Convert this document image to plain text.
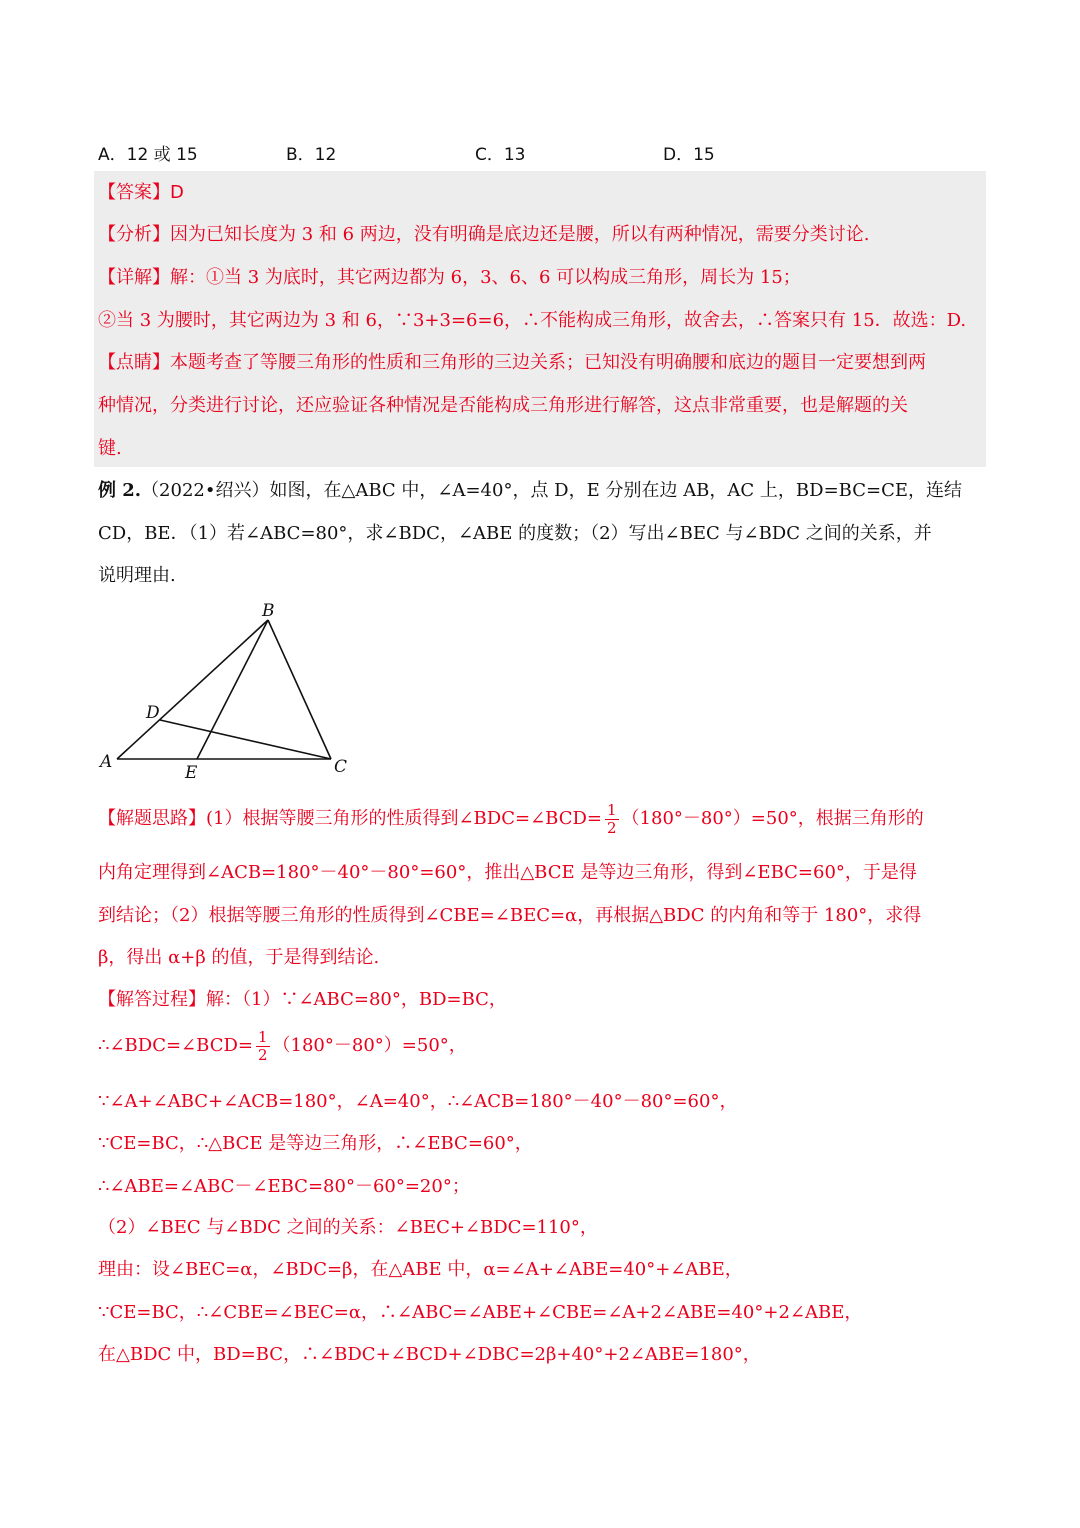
A．12 或 15	B．12	C．13	D．15
【答案】D
【分析】因为已知长度为 3 和 6 两边，没有明确是底边还是腰，所以有两种情况，需要分类讨论.
【详解】解：①当 3 为底时，其它两边都为 6，3、6、6 可以构成三角形，周长为 15；
②当 3 为腰时，其它两边为 3 和 6，∵3+3=6=6，∴不能构成三角形，故舍去，∴答案只有 15．故选：D.
【点睛】本题考查了等腰三角形的性质和三角形的三边关系；已知没有明确腰和底边的题目一定要想到两
种情况，分类进行讨论，还应验证各种情况是否能构成三角形进行解答，这点非常重要，也是解题的关
键.
例 2.（2022•绍兴）如图，在△ABC 中，∠A=40°，点 D，E 分别在边 AB，AC 上，BD=BC=CE，连结
CD，BE．（1）若∠ABC=80°，求∠BDC，∠ABE 的度数；（2）写出∠BEC 与∠BDC 之间的关系，并
说明理由.
A
B
C
D
E
【解题思路】(1）根据等腰三角形的性质得到∠BDC=∠BCD= $\frac{1}{2} (180^\circ-80^\circ)=50^\circ$，根据三角形的
内角定理得到∠ACB=180°－40°－80°=60°，推出△BCE 是等边三角形，得到∠EBC=60°，于是得
到结论；（2）根据等腰三角形的性质得到∠CBE=∠BEC=α，再根据△BDC 的内角和等于 180°，求得
β，得出 α+β 的值，于是得到结论.
【解答过程】解：（1）∵∠ABC=80°，BD=BC，
∴∠BDC=∠BCD= $\frac{1}{2} (180^\circ-80^\circ)=50^\circ$，
∵∠A+∠ABC+∠ACB=180°，∠A=40°，∴∠ACB=180°－40°－80°=60°，
∵CE=BC，∴△BCE 是等边三角形，∴∠EBC=60°，
∴∠ABE=∠ABC－∠EBC=80°－60°=20°；
（2）∠BEC 与∠BDC 之间的关系：∠BEC+∠BDC=110°，
理由：设∠BEC=α，∠BDC=β，在△ABE 中，α=∠A+∠ABE=40°+∠ABE，
∵CE=BC，∴∠CBE=∠BEC=α，∴∠ABC=∠ABE+∠CBE=∠A+2∠ABE=40°+2∠ABE，
在△BDC 中，BD=BC，∴∠BDC+∠BCD+∠DBC=2β+40°+2∠ABE=180°，
